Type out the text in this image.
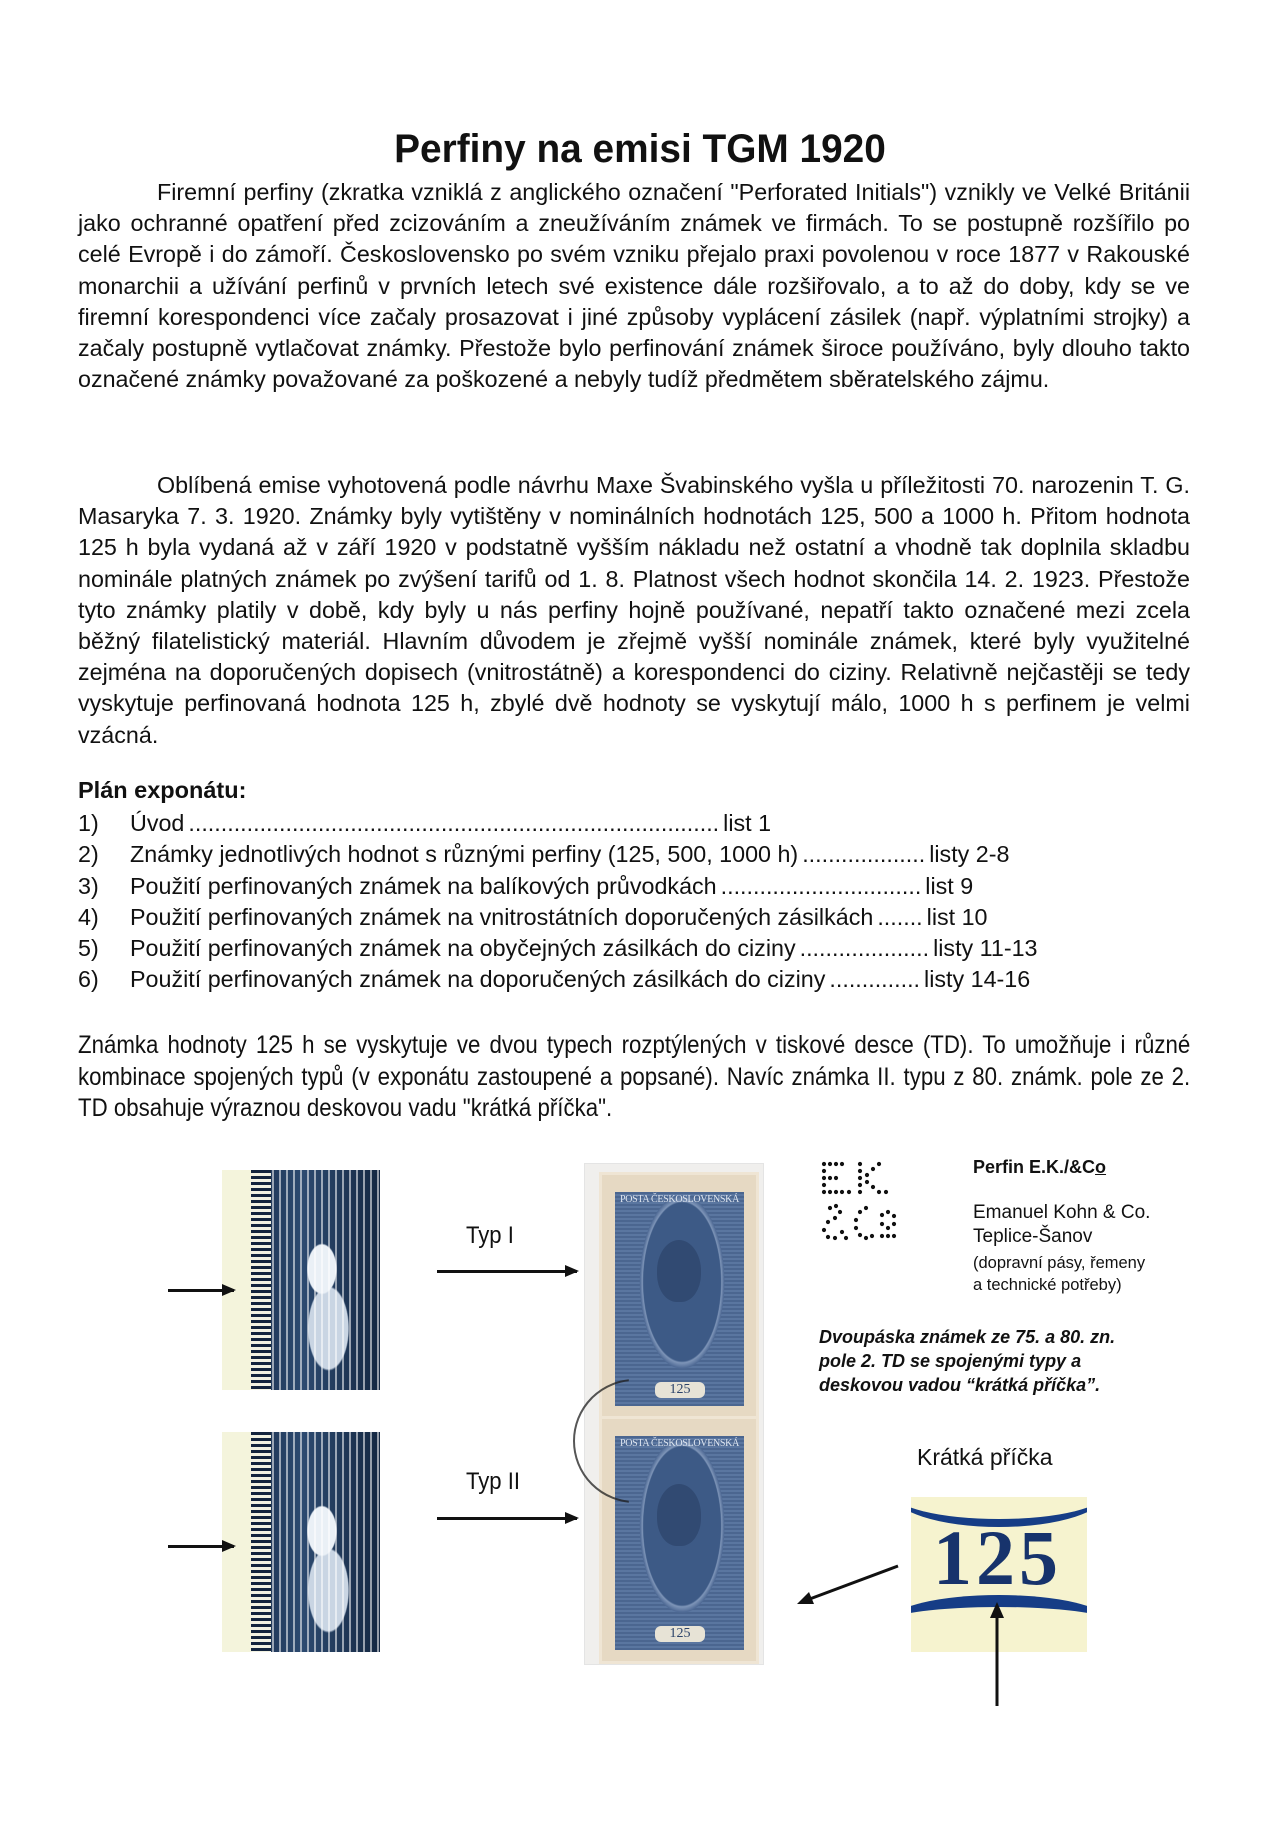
Perfiny na emisi TGM 1920

Firemní perfiny (zkratka vzniklá z anglického označení "Perforated Initials") vznikly ve Velké Británii jako ochranné opatření před zcizováním a zneužíváním známek ve firmách. To se postupně rozšířilo po celé Evropě i do zámoří. Československo po svém vzniku přejalo praxi povolenou v roce 1877 v Rakouské monarchii a užívání perfinů v prvních letech své existence dále rozšiřovalo, a to až do doby, kdy se ve firemní korespondenci více začaly prosazovat i jiné způsoby vyplácení zásilek (např. výplatními strojky) a začaly postupně vytlačovat známky. Přestože bylo perfinování známek široce používáno, byly dlouho takto označené známky považované za poškozené a nebyly tudíž předmětem sběratelského zájmu.

Oblíbená emise vyhotovená podle návrhu Maxe Švabinského vyšla u příležitosti 70. narozenin T. G. Masaryka 7. 3. 1920. Známky byly vytištěny v nominálních hodnotách 125, 500 a 1000 h. Přitom hodnota 125 h byla vydaná až v září 1920 v podstatně vyšším nákladu než ostatní a vhodně tak doplnila skladbu nominále platných známek po zvýšení tarifů od 1. 8. Platnost všech hodnot skončila 14. 2. 1923. Přestože tyto známky platily v době, kdy byly u nás perfiny hojně používané, nepatří takto označené mezi zcela běžný filatelistický materiál. Hlavním důvodem je zřejmě vyšší nominále známek, které byly využitelné zejména na doporučených dopisech (vnitrostátně) a korespondenci do ciziny. Relativně nejčastěji se tedy vyskytuje perfinovaná hodnota 125 h, zbylé dvě hodnoty se vyskytují málo, 1000 h s perfinem je velmi vzácná.

Plán exponátu:
1)	Úvod .................................................................................. list 1
2)	Známky jednotlivých hodnot s různými perfiny (125, 500, 1000 h) ................... listy 2-8
3)	Použití perfinovaných známek na balíkových průvodkách ............................... list 9
4)	Použití perfinovaných známek na vnitrostátních doporučených zásilkách ....... list 10
5)	Použití perfinovaných známek na obyčejných zásilkách do ciziny .................... listy 11-13
6)	Použití perfinovaných známek na doporučených zásilkách do ciziny .............. listy 14-16

Známka hodnoty 125 h se vyskytuje ve dvou typech rozptýlených v tiskové desce (TD). To umožňuje i různé kombinace spojených typů (v exponátu zastoupené a popsané). Navíc známka II. typu z 80. známk. pole ze 2. TD obsahuje výraznou deskovou vadu "krátká příčka".

Typ I
Typ II
POSTA ČESKOSLOVENSKÁ
125
POSTA ČESKOSLOVENSKÁ
125
Perfin E.K./&Co
Emanuel Kohn & Co.
Teplice-Šanov
(dopravní pásy, řemeny
a technické potřeby)
Dvoupáska známek ze 75. a 80. zn.
pole 2. TD se spojenými typy a
deskovou vadou “krátká příčka”.
Krátká příčka
125
